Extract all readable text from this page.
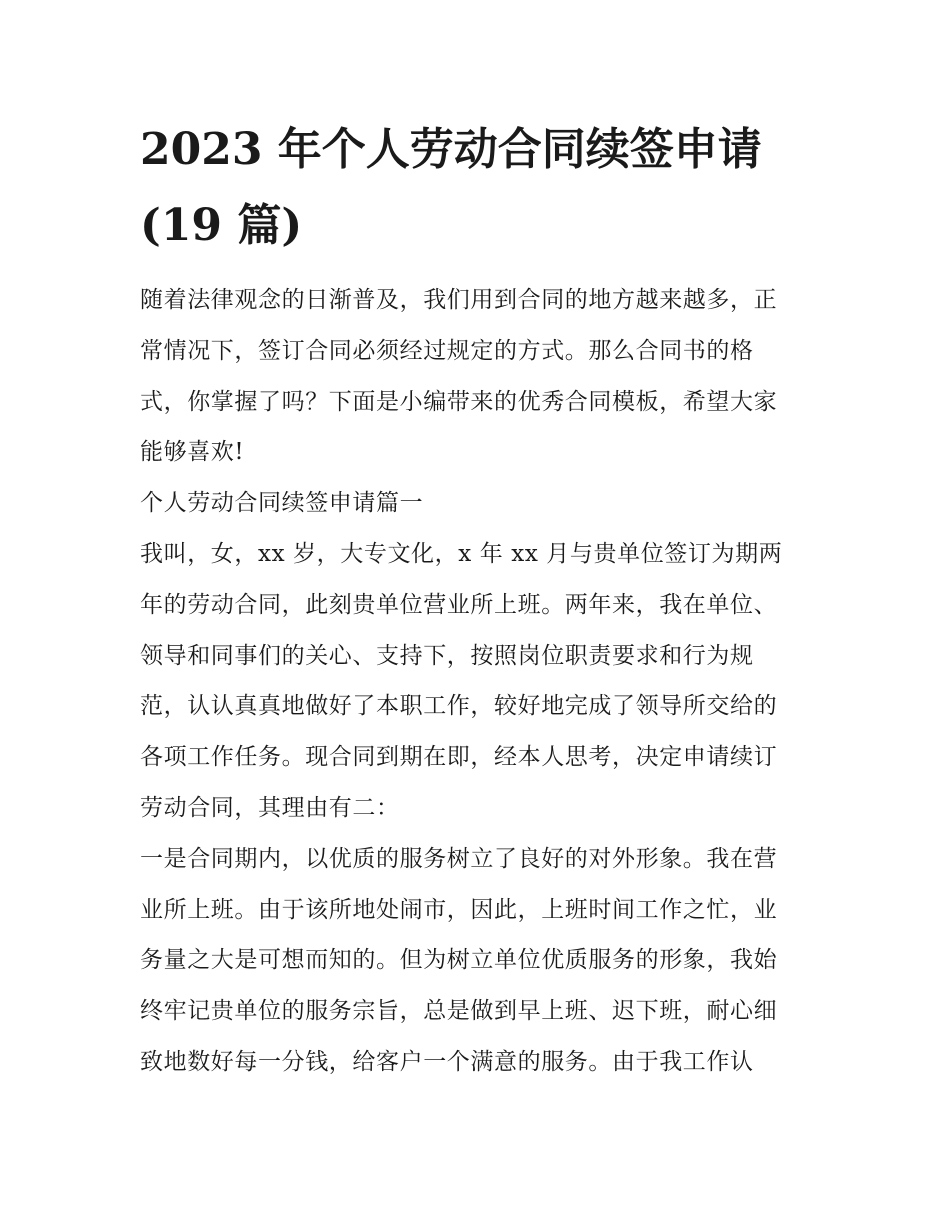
2023 年个人劳动合同续签申请
(19 篇)
随着法律观念的日渐普及，我们用到合同的地方越来越多，正
常情况下，签订合同必须经过规定的方式。那么合同书的格
式，你掌握了吗？下面是小编带来的优秀合同模板，希望大家
能够喜欢!
个人劳动合同续签申请篇一
我叫，女，xx 岁，大专文化，x 年 xx 月与贵单位签订为期两
年的劳动合同，此刻贵单位营业所上班。两年来，我在单位、
领导和同事们的关心、支持下，按照岗位职责要求和行为规
范，认认真真地做好了本职工作，较好地完成了领导所交给的
各项工作任务。现合同到期在即，经本人思考，决定申请续订
劳动合同，其理由有二：
一是合同期内，以优质的服务树立了良好的对外形象。我在营
业所上班。由于该所地处闹市，因此，上班时间工作之忙，业
务量之大是可想而知的。但为树立单位优质服务的形象，我始
终牢记贵单位的服务宗旨，总是做到早上班、迟下班，耐心细
致地数好每一分钱，给客户一个满意的服务。由于我工作认
